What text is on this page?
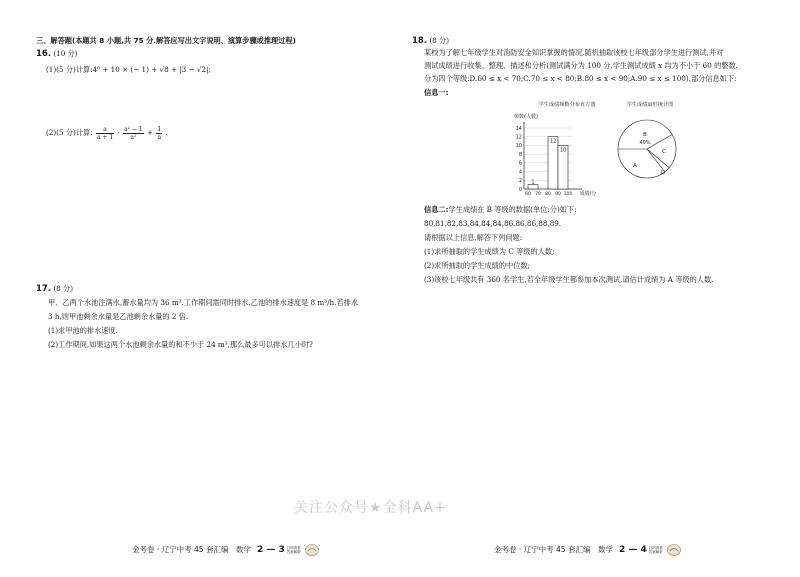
三、解答题(本题共 8 小题,共 75 分.解答应写出文字说明、演算步骤或推理过程)
16. (10 分)
(1)(5 分)计算:4⁰ + 10 × (− 1) + √8 + |3 − √2|;
(2)(5 分)计算: $\frac{a}{a + 1} \cdot \frac{\text{a² − 1}}{\text{a²}} + \frac{1}{a}$ .
17. (8 分)
甲、乙两个水池注满水,蓄水量均为 36 m³.工作期间需同时排水,乙池的排水速度是 8 m³/h.若排水
3 h,则甲池剩余水量是乙池剩余水量的 2 倍.
(1)求甲池的排水速度.
(2)工作期间,如果这两个水池剩余水量的和不少于 24 m³,那么最多可以排水几小时?
金考卷 · 辽宁中考 45 套汇编　数学 2 — 3 扫码查看答案解析
18. (8 分)
某校为了解七年级学生对消防安全知识掌握的情况,随机抽取该校七年级部分学生进行测试,并对
测试成绩进行收集、整理、描述和分析(测试满分为 100 分,学生测试成绩 x 均为不小于 60 的整数.
分为四个等级:D.60 ≤ x < 70;C.70 ≤ x < 80;B.80 ≤ x < 90;A.90 ≤ x ≤ 100),部分信息如下:
信息一:
学生成绩频数分布直方图
频数(人数)
0
2
4
6
8
10
12
14
1
12
10
60 70 80 90 100 成绩/分
学生成绩扇形统计图
B
C
A
D
40%
信息二:学生成绩在 B 等级的数据(单位:分)如下:
80,81,82,83,84,84,84,86,86,86,88,89.
请根据以上信息,解答下列问题:
(1)求所抽取的学生成绩为 C 等级的人数;
(2)求所抽取的学生成绩的中位数;
(3)该校七年级共有 360 名学生,若全年级学生都参加本次测试,请估计成绩为 A 等级的人数.
金考卷 · 辽宁中考 45 套汇编　数学 2 — 4 扫码查看答案解析
关注公众号★全科AA+
